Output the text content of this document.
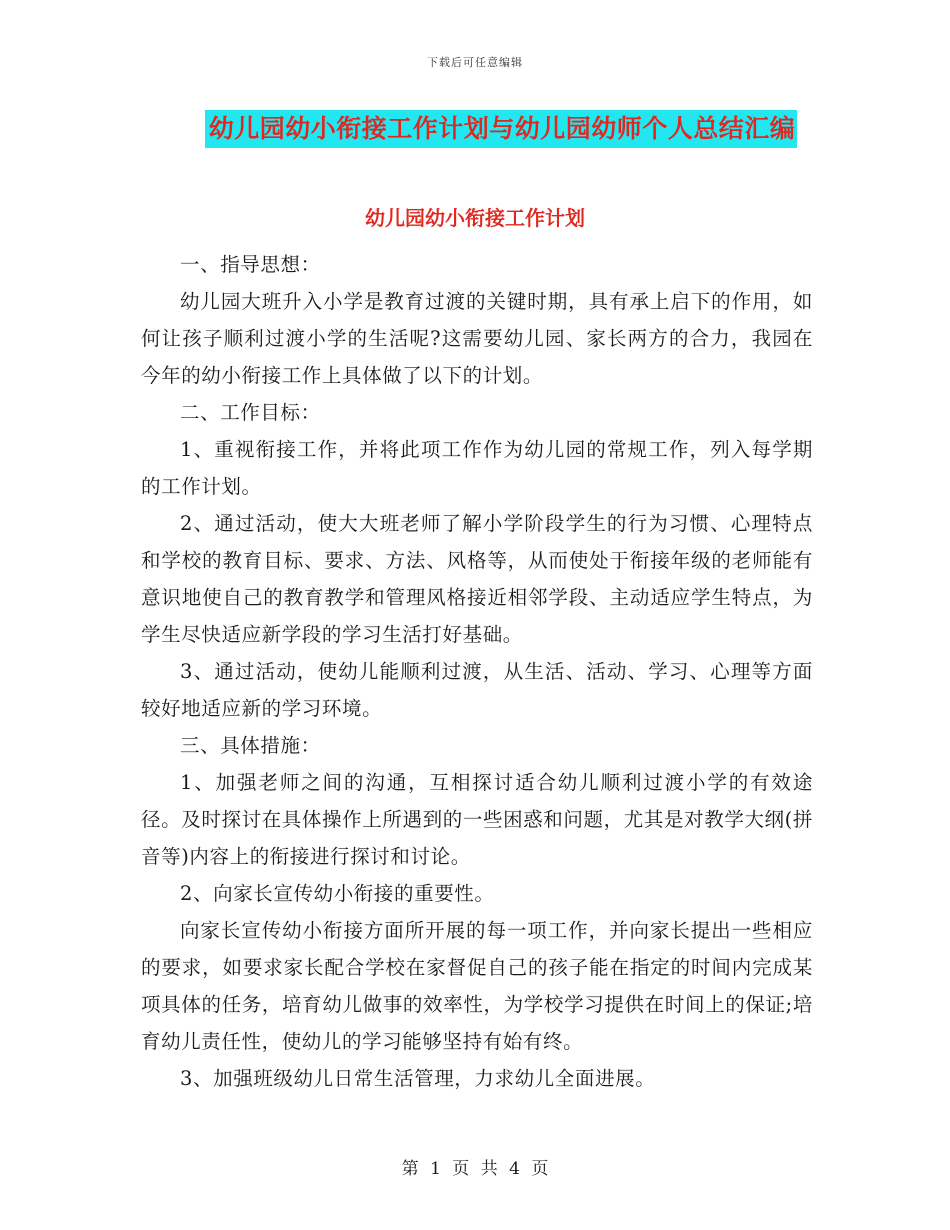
下载后可任意编辑
幼儿园幼小衔接工作计划与幼儿园幼师个人总结汇编
幼儿园幼小衔接工作计划

一、指导思想：

幼儿园大班升入小学是教育过渡的关键时期，具有承上启下的作用，如何让孩子顺利过渡小学的生活呢?这需要幼儿园、家长两方的合力，我园在今年的幼小衔接工作上具体做了以下的计划。

二、工作目标：

1、重视衔接工作，并将此项工作作为幼儿园的常规工作，列入每学期的工作计划。

2、通过活动，使大大班老师了解小学阶段学生的行为习惯、心理特点和学校的教育目标、要求、方法、风格等，从而使处于衔接年级的老师能有意识地使自己的教育教学和管理风格接近相邻学段、主动适应学生特点，为学生尽快适应新学段的学习生活打好基础。

3、通过活动，使幼儿能顺利过渡，从生活、活动、学习、心理等方面较好地适应新的学习环境。

三、具体措施：

1、加强老师之间的沟通，互相探讨适合幼儿顺利过渡小学的有效途径。及时探讨在具体操作上所遇到的一些困惑和问题，尤其是对教学大纲(拼音等)内容上的衔接进行探讨和讨论。

2、向家长宣传幼小衔接的重要性。

向家长宣传幼小衔接方面所开展的每一项工作，并向家长提出一些相应的要求，如要求家长配合学校在家督促自己的孩子能在指定的时间内完成某项具体的任务，培育幼儿做事的效率性，为学校学习提供在时间上的保证;培育幼儿责任性，使幼儿的学习能够坚持有始有终。

3、加强班级幼儿日常生活管理，力求幼儿全面进展。

第 1 页 共 4 页
